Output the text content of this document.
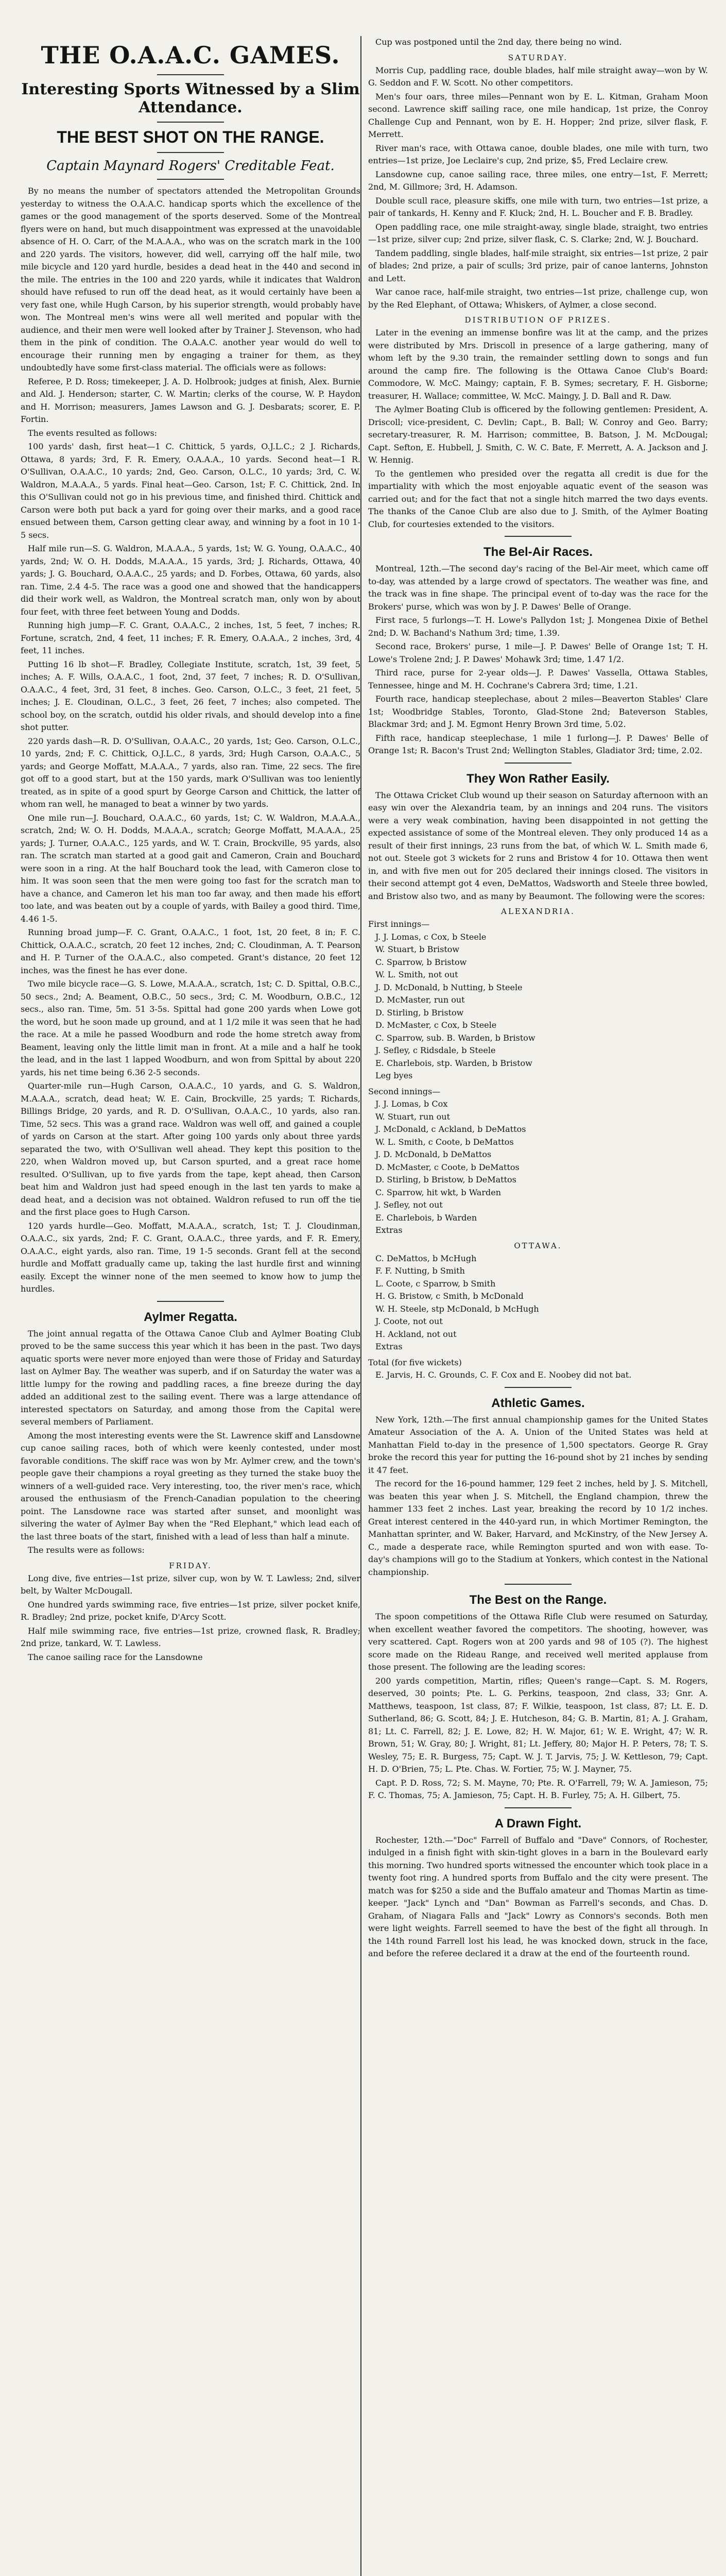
THE O.A.A.C. GAMES.
Interesting Sports Witnessed by a Slim Attendance.
THE BEST SHOT ON THE RANGE.
Captain Maynard Rogers' Creditable Feat.

By no means the number of spectators attended the Metropolitan Grounds yesterday to witness the O.A.A.C. handicap sports which the excellence of the games or the good management of the sports deserved. Some of the Montreal flyers were on hand, but much disappointment was expressed at the unavoidable absence of H. O. Carr, of the M.A.A.A., who was on the scratch mark in the 100 and 220 yards. The visitors, however, did well, carrying off the half mile, two mile bicycle and 120 yard hurdle, besides a dead heat in the 440 and second in the mile. The entries in the 100 and 220 yards, while it indicates that Waldron should have refused to run off the dead heat, as it would certainly have been a very fast one, while Hugh Carson, by his superior strength, would probably have won. The Montreal men's wins were all well merited and popular with the audience, and their men were well looked after by Trainer J. Stevenson, who had them in the pink of condition. The O.A.A.C. another year would do well to encourage their running men by engaging a trainer for them, as they undoubtedly have some first-class material. The officials were as follows:

Referee, P. D. Ross; timekeeper, J. A. D. Holbrook; judges at finish, Alex. Burnie and Ald. J. Henderson; starter, C. W. Martin; clerks of the course, W. P. Haydon and H. Morrison; measurers, James Lawson and G. J. Desbarats; scorer, E. P. Fortin.

The events resulted as follows:

100 yards' dash, first heat—1 C. Chittick, 5 yards, O.J.L.C.; 2 J. Richards, Ottawa, 8 yards; 3rd, F. R. Emery, O.A.A.A., 10 yards. Second heat—1 R. O'Sullivan, O.A.A.C., 10 yards; 2nd, Geo. Carson, O.L.C., 10 yards; 3rd, C. W. Waldron, M.A.A.A., 5 yards. Final heat—Geo. Carson, 1st; F. C. Chittick, 2nd. In this O'Sullivan could not go in his previous time, and finished third. Chittick and Carson were both put back a yard for going over their marks, and a good race ensued between them, Carson getting clear away, and winning by a foot in 10 1-5 secs.

Half mile run—S. G. Waldron, M.A.A.A., 5 yards, 1st; W. G. Young, O.A.A.C., 40 yards, 2nd; W. O. H. Dodds, M.A.A.A., 15 yards, 3rd; J. Richards, Ottawa, 40 yards; J. G. Bouchard, O.A.A.C., 25 yards; and D. Forbes, Ottawa, 60 yards, also ran. Time, 2.4 4-5. The race was a good one and showed that the handicappers did their work well, as Waldron, the Montreal scratch man, only won by about four feet, with three feet between Young and Dodds.

Running high jump—F. C. Grant, O.A.A.C., 2 inches, 1st, 5 feet, 7 inches; R. Fortune, scratch, 2nd, 4 feet, 11 inches; F. R. Emery, O.A.A.A., 2 inches, 3rd, 4 feet, 11 inches.

Putting 16 lb shot—F. Bradley, Collegiate Institute, scratch, 1st, 39 feet, 5 inches; A. F. Wills, O.A.A.C., 1 foot, 2nd, 37 feet, 7 inches; R. D. O'Sullivan, O.A.A.C., 4 feet, 3rd, 31 feet, 8 inches. Geo. Carson, O.L.C., 3 feet, 21 feet, 5 inches; J. E. Cloudinan, O.L.C., 3 feet, 26 feet, 7 inches; also competed. The school boy, on the scratch, outdid his older rivals, and should develop into a fine shot putter.

220 yards dash—R. D. O'Sullivan, O.A.A.C., 20 yards, 1st; Geo. Carson, O.L.C., 10 yards, 2nd; F. C. Chittick, O.J.L.C., 8 yards, 3rd; Hugh Carson, O.A.A.C., 5 yards; and George Moffatt, M.A.A.A., 7 yards, also ran. Time, 22 secs. The fire got off to a good start, but at the 150 yards, mark O'Sullivan was too leniently treated, as in spite of a good spurt by George Carson and Chittick, the latter of whom ran well, he managed to beat a winner by two yards.

One mile run—J. Bouchard, O.A.A.C., 60 yards, 1st; C. W. Waldron, M.A.A.A., scratch, 2nd; W. O. H. Dodds, M.A.A.A., scratch; George Moffatt, M.A.A.A., 25 yards; J. Turner, O.A.A.C., 125 yards, and W. T. Crain, Brockville, 95 yards, also ran. The scratch man started at a good gait and Cameron, Crain and Bouchard were soon in a ring. At the half Bouchard took the lead, with Cameron close to him. It was soon seen that the men were going too fast for the scratch man to have a chance, and Cameron let his man too far away, and then made his effort too late, and was beaten out by a couple of yards, with Bailey a good third. Time, 4.46 1-5.

Running broad jump—F. C. Grant, O.A.A.C., 1 foot, 1st, 20 feet, 8 in; F. C. Chittick, O.A.A.C., scratch, 20 feet 12 inches, 2nd; C. Cloudinman, A. T. Pearson and H. P. Turner of the O.A.A.C., also competed. Grant's distance, 20 feet 12 inches, was the finest he has ever done.

Two mile bicycle race—G. S. Lowe, M.A.A.A., scratch, 1st; C. D. Spittal, O.B.C., 50 secs., 2nd; A. Beament, O.B.C., 50 secs., 3rd; C. M. Woodburn, O.B.C., 12 secs., also ran. Time, 5m. 51 3-5s. Spittal had gone 200 yards when Lowe got the word, but he soon made up ground, and at 1 1/2 mile it was seen that he had the race. At a mile he passed Woodburn and rode the home stretch away from Beament, leaving only the little limit man in front. At a mile and a half he took the lead, and in the last 1 lapped Woodburn, and won from Spittal by about 220 yards, his net time being 6.36 2-5 seconds.

Quarter-mile run—Hugh Carson, O.A.A.C., 10 yards, and G. S. Waldron, M.A.A.A., scratch, dead heat; W. E. Cain, Brockville, 25 yards; T. Richards, Billings Bridge, 20 yards, and R. D. O'Sullivan, O.A.A.C., 10 yards, also ran. Time, 52 secs. This was a grand race. Waldron was well off, and gained a couple of yards on Carson at the start. After going 100 yards only about three yards separated the two, with O'Sullivan well ahead. They kept this position to the 220, when Waldron moved up, but Carson spurted, and a great race home resulted. O'Sullivan, up to five yards from the tape, kept ahead, then Carson beat him and Waldron just had speed enough in the last ten yards to make a dead heat, and a decision was not obtained. Waldron refused to run off the tie and the first place goes to Hugh Carson.

120 yards hurdle—Geo. Moffatt, M.A.A.A., scratch, 1st; T. J. Cloudinman, O.A.A.C., six yards, 2nd; F. C. Grant, O.A.A.C., three yards, and F. R. Emery, O.A.A.C., eight yards, also ran. Time, 19 1-5 seconds. Grant fell at the second hurdle and Moffatt gradually came up, taking the last hurdle first and winning easily. Except the winner none of the men seemed to know how to jump the hurdles.

Aylmer Regatta.

The joint annual regatta of the Ottawa Canoe Club and Aylmer Boating Club proved to be the same success this year which it has been in the past. Two days aquatic sports were never more enjoyed than were those of Friday and Saturday last on Aylmer Bay. The weather was superb, and if on Saturday the water was a little lumpy for the rowing and paddling races, a fine breeze during the day added an additional zest to the sailing event. There was a large attendance of interested spectators on Saturday, and among those from the Capital were several members of Parliament.

Among the most interesting events were the St. Lawrence skiff and Lansdowne cup canoe sailing races, both of which were keenly contested, under most favorable conditions. The skiff race was won by Mr. Aylmer crew, and the town's people gave their champions a royal greeting as they turned the stake buoy the winners of a well-guided race. Very interesting, too, the river men's race, which aroused the enthusiasm of the French-Canadian population to the cheering point. The Lansdowne race was started after sunset, and moonlight was silvering the water of Aylmer Bay when the "Red Elephant," which lead each of the last three boats of the start, finished with a lead of less than half a minute.

The results were as follows:

FRIDAY.

Long dive, five entries—1st prize, silver cup, won by W. T. Lawless; 2nd, silver belt, by Walter McDougall.

One hundred yards swimming race, five entries—1st prize, silver pocket knife, R. Bradley; 2nd prize, pocket knife, D'Arcy Scott.

Half mile swimming race, five entries—1st prize, crowned flask, R. Bradley; 2nd prize, tankard, W. T. Lawless.

The canoe sailing race for the Lansdowne

Cup was postponed until the 2nd day, there being no wind.

SATURDAY.

Morris Cup, paddling race, double blades, half mile straight away—won by W. G. Seddon and F. W. Scott. No other competitors.

Men's four oars, three miles—Pennant won by E. L. Kitman, Graham Moon second. Lawrence skiff sailing race, one mile handicap, 1st prize, the Conroy Challenge Cup and Pennant, won by E. H. Hopper; 2nd prize, silver flask, F. Merrett.

River man's race, with Ottawa canoe, double blades, one mile with turn, two entries—1st prize, Joe Leclaire's cup, 2nd prize, $5, Fred Leclaire crew.

Lansdowne cup, canoe sailing race, three miles, one entry—1st, F. Merrett; 2nd, M. Gillmore; 3rd, H. Adamson.

Double scull race, pleasure skiffs, one mile with turn, two entries—1st prize, a pair of tankards, H. Kenny and F. Kluck; 2nd, H. L. Boucher and F. B. Bradley.

Open paddling race, one mile straight-away, single blade, straight, two entries—1st prize, silver cup; 2nd prize, silver flask, C. S. Clarke; 2nd, W. J. Bouchard.

Tandem paddling, single blades, half-mile straight, six entries—1st prize, 2 pair of blades; 2nd prize, a pair of sculls; 3rd prize, pair of canoe lanterns, Johnston and Lett.

War canoe race, half-mile straight, two entries—1st prize, challenge cup, won by the Red Elephant, of Ottawa; Whiskers, of Aylmer, a close second.

DISTRIBUTION OF PRIZES.

Later in the evening an immense bonfire was lit at the camp, and the prizes were distributed by Mrs. Driscoll in presence of a large gathering, many of whom left by the 9.30 train, the remainder settling down to songs and fun around the camp fire. The following is the Ottawa Canoe Club's Board: Commodore, W. McC. Maingy; captain, F. B. Symes; secretary, F. H. Gisborne; treasurer, H. Wallace; committee, W. McC. Maingy, J. D. Ball and R. Daw.

The Aylmer Boating Club is officered by the following gentlemen: President, A. Driscoll; vice-president, C. Devlin; Capt., B. Ball; W. Conroy and Geo. Barry; secretary-treasurer, R. M. Harrison; committee, B. Batson, J. M. McDougal; Capt. Sefton, E. Hubbell, J. Smith, C. W. C. Bate, F. Merrett, A. A. Jackson and J. W. Hennig.

To the gentlemen who presided over the regatta all credit is due for the impartiality with which the most enjoyable aquatic event of the season was carried out; and for the fact that not a single hitch marred the two days events. The thanks of the Canoe Club are also due to J. Smith, of the Aylmer Boating Club, for courtesies extended to the visitors.

The Bel-Air Races.

Montreal, 12th.—The second day's racing of the Bel-Air meet, which came off to-day, was attended by a large crowd of spectators. The weather was fine, and the track was in fine shape. The principal event of to-day was the race for the Brokers' purse, which was won by J. P. Dawes' Belle of Orange.

First race, 5 furlongs—T. H. Lowe's Pallydon 1st; J. Mongenea Dixie of Bethel 2nd; D. W. Bachand's Nathum 3rd; time, 1.39.

Second race, Brokers' purse, 1 mile—J. P. Dawes' Belle of Orange 1st; T. H. Lowe's Trolene 2nd; J. P. Dawes' Mohawk 3rd; time, 1.47 1/2.

Third race, purse for 2-year olds—J. P. Dawes' Vassella, Ottawa Stables, Tennessee, hinge and M. H. Cochrane's Cabrera 3rd; time, 1.21.

Fourth race, handicap steeplechase, about 2 miles—Beaverton Stables' Clare 1st; Woodbridge Stables, Toronto, Glad-Stone 2nd; Bateverson Stables, Blackmar 3rd; and J. M. Egmont Henry Brown 3rd time, 5.02.

Fifth race, handicap steeplechase, 1 mile 1 furlong—J. P. Dawes' Belle of Orange 1st; R. Bacon's Trust 2nd; Wellington Stables, Gladiator 3rd; time, 2.02.

They Won Rather Easily.

The Ottawa Cricket Club wound up their season on Saturday afternoon with an easy win over the Alexandria team, by an innings and 204 runs. The visitors were a very weak combination, having been disappointed in not getting the expected assistance of some of the Montreal eleven. They only produced 14 as a result of their first innings, 23 runs from the bat, of which W. L. Smith made 6, not out. Steele got 3 wickets for 2 runs and Bristow 4 for 10. Ottawa then went in, and with five men out for 205 declared their innings closed. The visitors in their second attempt got 4 even, DeMattos, Wadsworth and Steele three bowled, and Bristow also two, and as many by Beaumont. The following were the scores:

ALEXANDRIA.

First innings—

J. J. Lomas, c Cox, b Steele

W. Stuart, b Bristow

C. Sparrow, b Bristow

W. L. Smith, not out

J. D. McDonald, b Nutting, b Steele

D. McMaster, run out

D. Stirling, b Bristow

D. McMaster, c Cox, b Steele

C. Sparrow, sub. B. Warden, b Bristow

J. Sefley, c Ridsdale, b Steele

E. Charlebois, stp. Warden, b Bristow

Leg byes

Second innings—

J. J. Lomas, b Cox

W. Stuart, run out

J. McDonald, c Ackland, b DeMattos

W. L. Smith, c Coote, b DeMattos

J. D. McDonald, b DeMattos

D. McMaster, c Coote, b DeMattos

D. Stirling, b Bristow, b DeMattos

C. Sparrow, hit wkt, b Warden

J. Sefley, not out

E. Charlebois, b Warden

Extras

OTTAWA.

C. DeMattos, b McHugh

F. F. Nutting, b Smith

L. Coote, c Sparrow, b Smith

H. G. Bristow, c Smith, b McDonald

W. H. Steele, stp McDonald, b McHugh

J. Coote, not out

H. Ackland, not out

Extras

Total (for five wickets)

E. Jarvis, H. C. Grounds, C. F. Cox and E. Noobey did not bat.

Athletic Games.

New York, 12th.—The first annual championship games for the United States Amateur Association of the A. A. Union of the United States was held at Manhattan Field to-day in the presence of 1,500 spectators. George R. Gray broke the record this year for putting the 16-pound shot by 21 inches by sending it 47 feet.

The record for the 16-pound hammer, 129 feet 2 inches, held by J. S. Mitchell, was beaten this year when J. S. Mitchell, the England champion, threw the hammer 133 feet 2 inches. Last year, breaking the record by 10 1/2 inches. Great interest centered in the 440-yard run, in which Mortimer Remington, the Manhattan sprinter, and W. Baker, Harvard, and McKinstry, of the New Jersey A. C., made a desperate race, while Remington spurted and won with ease. To-day's champions will go to the Stadium at Yonkers, which contest in the National championship.

The Best on the Range.

The spoon competitions of the Ottawa Rifle Club were resumed on Saturday, when excellent weather favored the competitors. The shooting, however, was very scattered. Capt. Rogers won at 200 yards and 98 of 105 (?). The highest score made on the Rideau Range, and received well merited applause from those present. The following are the leading scores:

200 yards competition, Martin, rifles; Queen's range—Capt. S. M. Rogers, deserved, 30 points; Pte. L. G. Perkins, teaspoon, 2nd class, 33; Gnr. A. Matthews, teaspoon, 1st class, 87; F. Wilkie, teaspoon, 1st class, 87; Lt. E. D. Sutherland, 86; G. Scott, 84; J. E. Hutcheson, 84; G. B. Martin, 81; A. J. Graham, 81; Lt. C. Farrell, 82; J. E. Lowe, 82; H. W. Major, 61; W. E. Wright, 47; W. R. Brown, 51; W. Gray, 80; J. Wright, 81; Lt. Jeffery, 80; Major H. P. Peters, 78; T. S. Wesley, 75; E. R. Burgess, 75; Capt. W. J. T. Jarvis, 75; J. W. Kettleson, 79; Capt. H. D. O'Brien, 75; L. Pte. Chas. W. Fortier, 75; W. J. Mayner, 75.

Capt. P. D. Ross, 72; S. M. Mayne, 70; Pte. R. O'Farrell, 79; W. A. Jamieson, 75; F. C. Thomas, 75; A. Jamieson, 75; Capt. H. B. Furley, 75; A. H. Gilbert, 75.

A Drawn Fight.

Rochester, 12th.—"Doc" Farrell of Buffalo and "Dave" Connors, of Rochester, indulged in a finish fight with skin-tight gloves in a barn in the Boulevard early this morning. Two hundred sports witnessed the encounter which took place in a twenty foot ring. A hundred sports from Buffalo and the city were present. The match was for $250 a side and the Buffalo amateur and Thomas Martin as time-keeper. "Jack" Lynch and "Dan" Bowman as Farrell's seconds, and Chas. D. Graham, of Niagara Falls and "Jack" Lowry as Connors's seconds. Both men were light weights. Farrell seemed to have the best of the fight all through. In the 14th round Farrell lost his lead, he was knocked down, struck in the face, and before the referee declared it a draw at the end of the fourteenth round.
